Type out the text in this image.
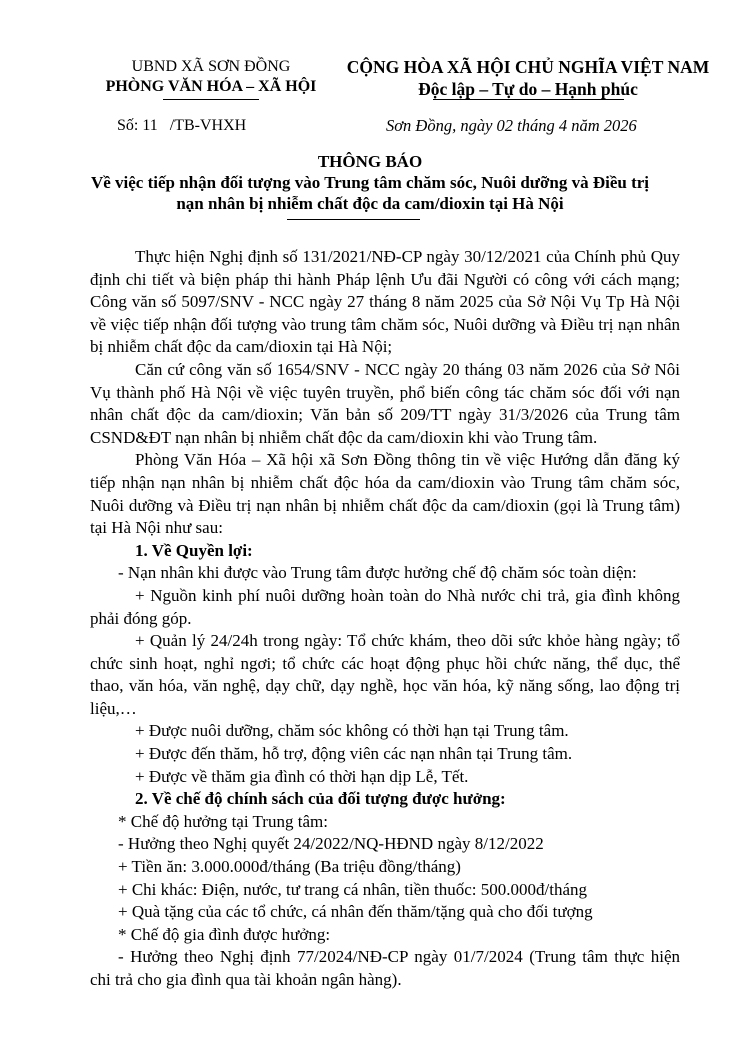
UBND XÃ SƠN ĐỒNG
PHÒNG VĂN HÓA – XÃ HỘI
CỘNG HÒA XÃ HỘI CHỦ NGHĨA VIỆT NAM
Độc lập – Tự do – Hạnh phúc
Số: 11 /TB-VHXH	Sơn Đồng, ngày 02 tháng 4 năm 2026
THÔNG BÁO
Về việc tiếp nhận đối tượng vào Trung tâm chăm sóc, Nuôi dưỡng và Điều trị
nạn nhân bị nhiễm chất độc da cam/dioxin tại Hà Nội

Thực hiện Nghị định số 131/2021/NĐ-CP ngày 30/12/2021 của Chính phủ Quy định chi tiết và biện pháp thi hành Pháp lệnh Ưu đãi Người có công với cách mạng; Công văn số 5097/SNV - NCC ngày 27 tháng 8 năm 2025 của Sở Nội Vụ Tp Hà Nội về việc tiếp nhận đối tượng vào trung tâm chăm sóc, Nuôi dưỡng và Điều trị nạn nhân bị nhiễm chất độc da cam/dioxin tại Hà Nội;

Căn cứ công văn số 1654/SNV - NCC ngày 20 tháng 03 năm 2026 của Sở Nôi Vụ thành phố Hà Nội về việc tuyên truyền, phổ biến công tác chăm sóc đối với nạn nhân chất độc da cam/dioxin; Văn bản số 209/TT ngày 31/3/2026 của Trung tâm CSND&ĐT nạn nhân bị nhiễm chất độc da cam/dioxin khi vào Trung tâm.

Phòng Văn Hóa – Xã hội xã Sơn Đồng thông tin về việc Hướng dẫn đăng ký tiếp nhận nạn nhân bị nhiễm chất độc hóa da cam/dioxin vào Trung tâm chăm sóc, Nuôi dưỡng và Điều trị nạn nhân bị nhiễm chất độc da cam/dioxin (gọi là Trung tâm) tại Hà Nội như sau:

1. Về Quyền lợi:

- Nạn nhân khi được vào Trung tâm được hưởng chế độ chăm sóc toàn diện:

+ Nguồn kinh phí nuôi dưỡng hoàn toàn do Nhà nước chi trả, gia đình không phải đóng góp.

+ Quản lý 24/24h trong ngày: Tổ chức khám, theo dõi sức khỏe hàng ngày; tổ chức sinh hoạt, nghỉ ngơi; tổ chức các hoạt động phục hồi chức năng, thể dục, thể thao, văn hóa, văn nghệ, dạy chữ, dạy nghề, học văn hóa, kỹ năng sống, lao động trị liệu,…

+ Được nuôi dưỡng, chăm sóc không có thời hạn tại Trung tâm.

+ Được đến thăm, hỗ trợ, động viên các nạn nhân tại Trung tâm.

+ Được về thăm gia đình có thời hạn dịp Lễ, Tết.

2. Về chế độ chính sách của đối tượng được hưởng:

* Chế độ hưởng tại Trung tâm:

- Hưởng theo Nghị quyết 24/2022/NQ-HĐND ngày 8/12/2022

+ Tiền ăn: 3.000.000đ/tháng (Ba triệu đồng/tháng)

+ Chi khác: Điện, nước, tư trang cá nhân, tiền thuốc: 500.000đ/tháng

+ Quà tặng của các tổ chức, cá nhân đến thăm/tặng quà cho đối tượng

* Chế độ gia đình được hưởng:

- Hưởng theo Nghị định 77/2024/NĐ-CP ngày 01/7/2024 (Trung tâm thực hiện chi trả cho gia đình qua tài khoản ngân hàng).
